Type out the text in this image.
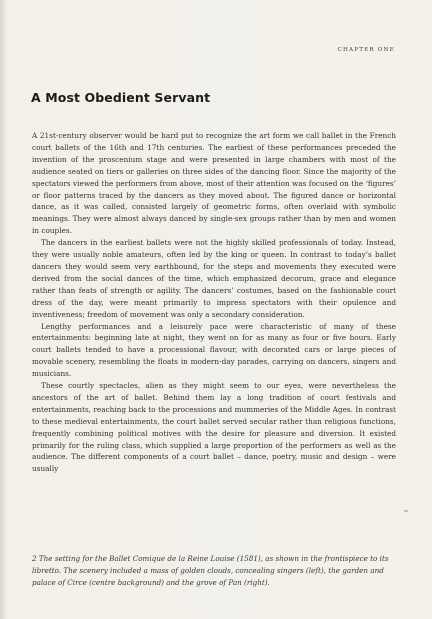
CHAPTER ONE
A Most Obedient Servant

A 21st-century observer would be hard put to recognize the art form we call ballet in the French court ballets of the 16th and 17th centuries. The earliest of these performances preceded the invention of the proscenium stage and were presented in large chambers with most of the audience seated on tiers or galleries on three sides of the dancing floor. Since the majority of the spectators viewed the performers from above, most of their attention was focused on the ‘figures’ or floor patterns traced by the dancers as they moved about. The figured dance or horizontal dance, as it was called, consisted largely of geometric forms, often overlaid with symbolic meanings. They were almost always danced by single-sex groups rather than by men and women in couples.

The dancers in the earliest ballets were not the highly skilled professionals of today. Instead, they were usually noble amateurs, often led by the king or queen. In contrast to today’s ballet dancers they would seem very earthbound, for the steps and movements they executed were derived from the social dances of the time, which emphasized decorum, grace and elegance rather than feats of strength or agility. The dancers’ costumes, based on the fashionable court dress of the day, were meant primarily to impress spectators with their opulence and inventiveness; freedom of movement was only a secondary consideration.

Lengthy performances and a leisurely pace were characteristic of many of these entertainments: beginning late at night, they went on for as many as four or five hours. Early court ballets tended to have a processional flavour, with decorated cars or large pieces of movable scenery, resembling the floats in modern-day parades, carrying on dancers, singers and musicians.

These courtly spectacles, alien as they might seem to our eyes, were nevertheless the ancestors of the art of ballet. Behind them lay a long tradition of court festivals and entertainments, reaching back to the processions and mummeries of the Middle Ages. In contrast to these medieval entertainments, the court ballet served secular rather than religious functions, frequently combining political motives with the desire for pleasure and diversion. It existed primarily for the ruling class, which supplied a large proportion of the performers as well as the audience. The different components of a court ballet – dance, poetry, music and design – were usually

2 The setting for the Ballet Comique de la Reine Louise (1581), as shown in the frontispiece to its libretto. The scenery included a mass of golden clouds, concealing singers (left), the garden and palace of Circe (centre background) and the grove of Pan (right).
